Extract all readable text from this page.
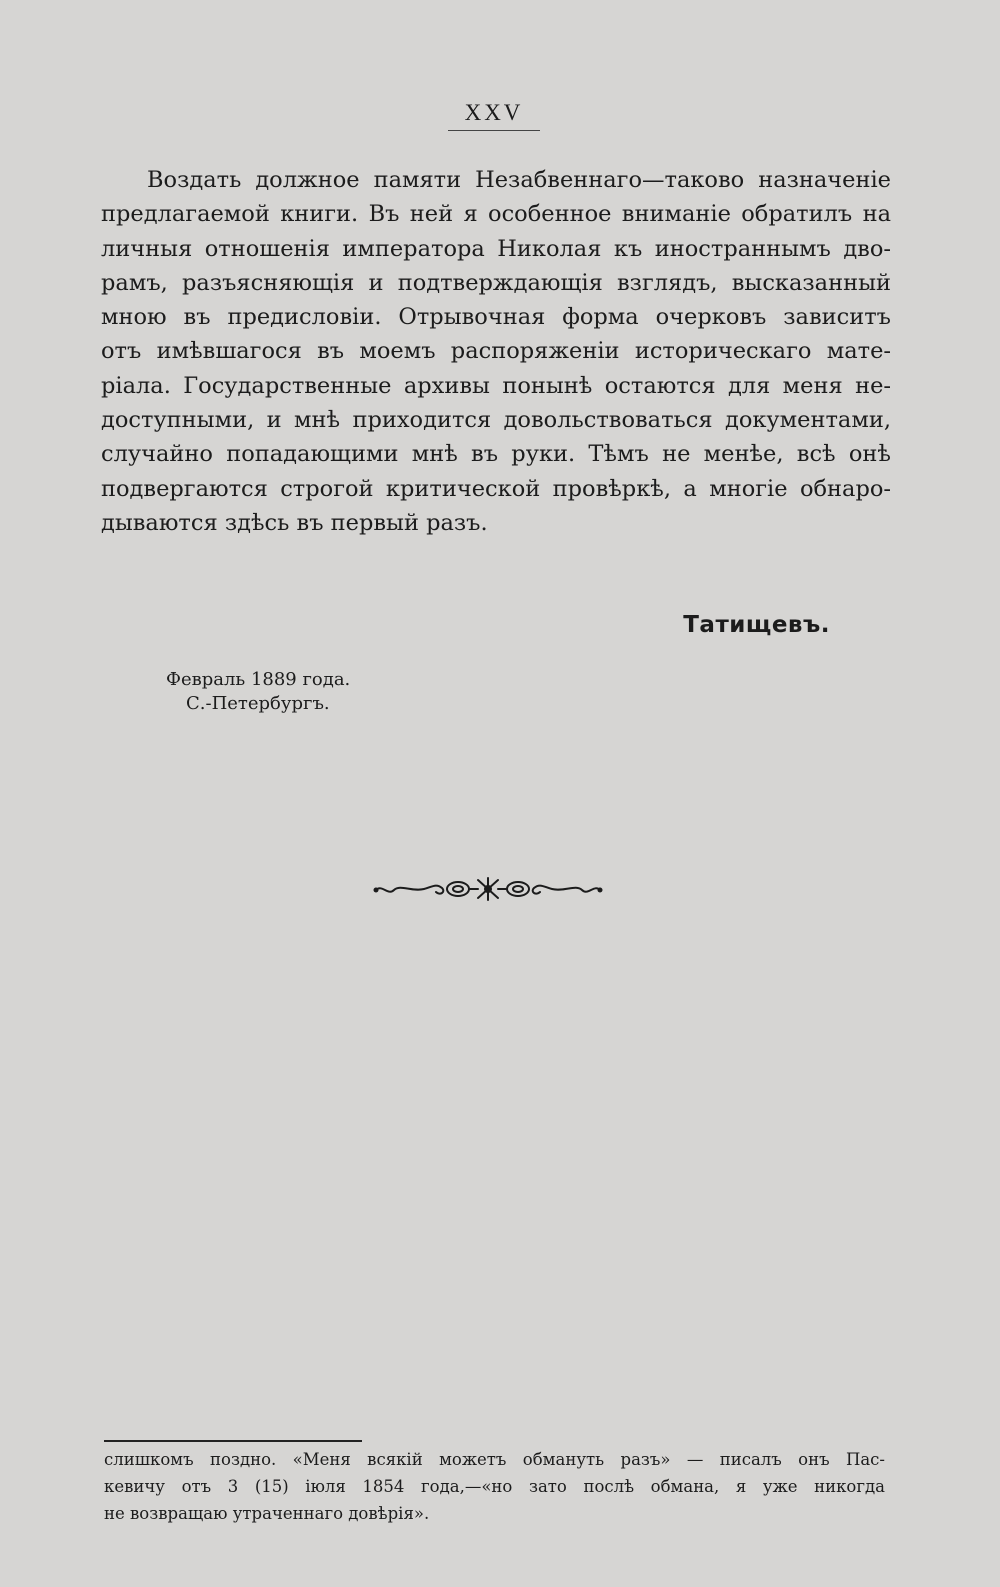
XXV
Воздать должное памяти Незабвеннаго—таково назначеніе
предлагаемой книги. Въ ней я особенное вниманіе обратилъ на
личныя отношенія императора Николая къ иностраннымъ дво-
рамъ, разъясняющія и подтверждающія взглядъ, высказанный
мною въ предисловіи. Отрывочная форма очерковъ зависитъ
отъ имѣвшагося въ моемъ распоряженіи историческаго мате-
ріала. Государственные архивы понынѣ остаются для меня не-
доступными, и мнѣ приходится довольствоваться документами,
случайно попадающими мнѣ въ руки. Тѣмъ не менѣе, всѣ онѣ
подвергаются строгой критической провѣркѣ, а многіе обнаро-
дываются здѣсь въ первый разъ.
Татищевъ.
Февраль 1889 года.
С.-Петербургъ.
слишкомъ поздно. «Меня всякій можетъ обмануть разъ» — писалъ онъ Пас-
кевичу отъ 3 (15) іюля 1854 года,—«но зато послѣ обмана, я уже никогда
не возвращаю утраченнаго довѣрія».
